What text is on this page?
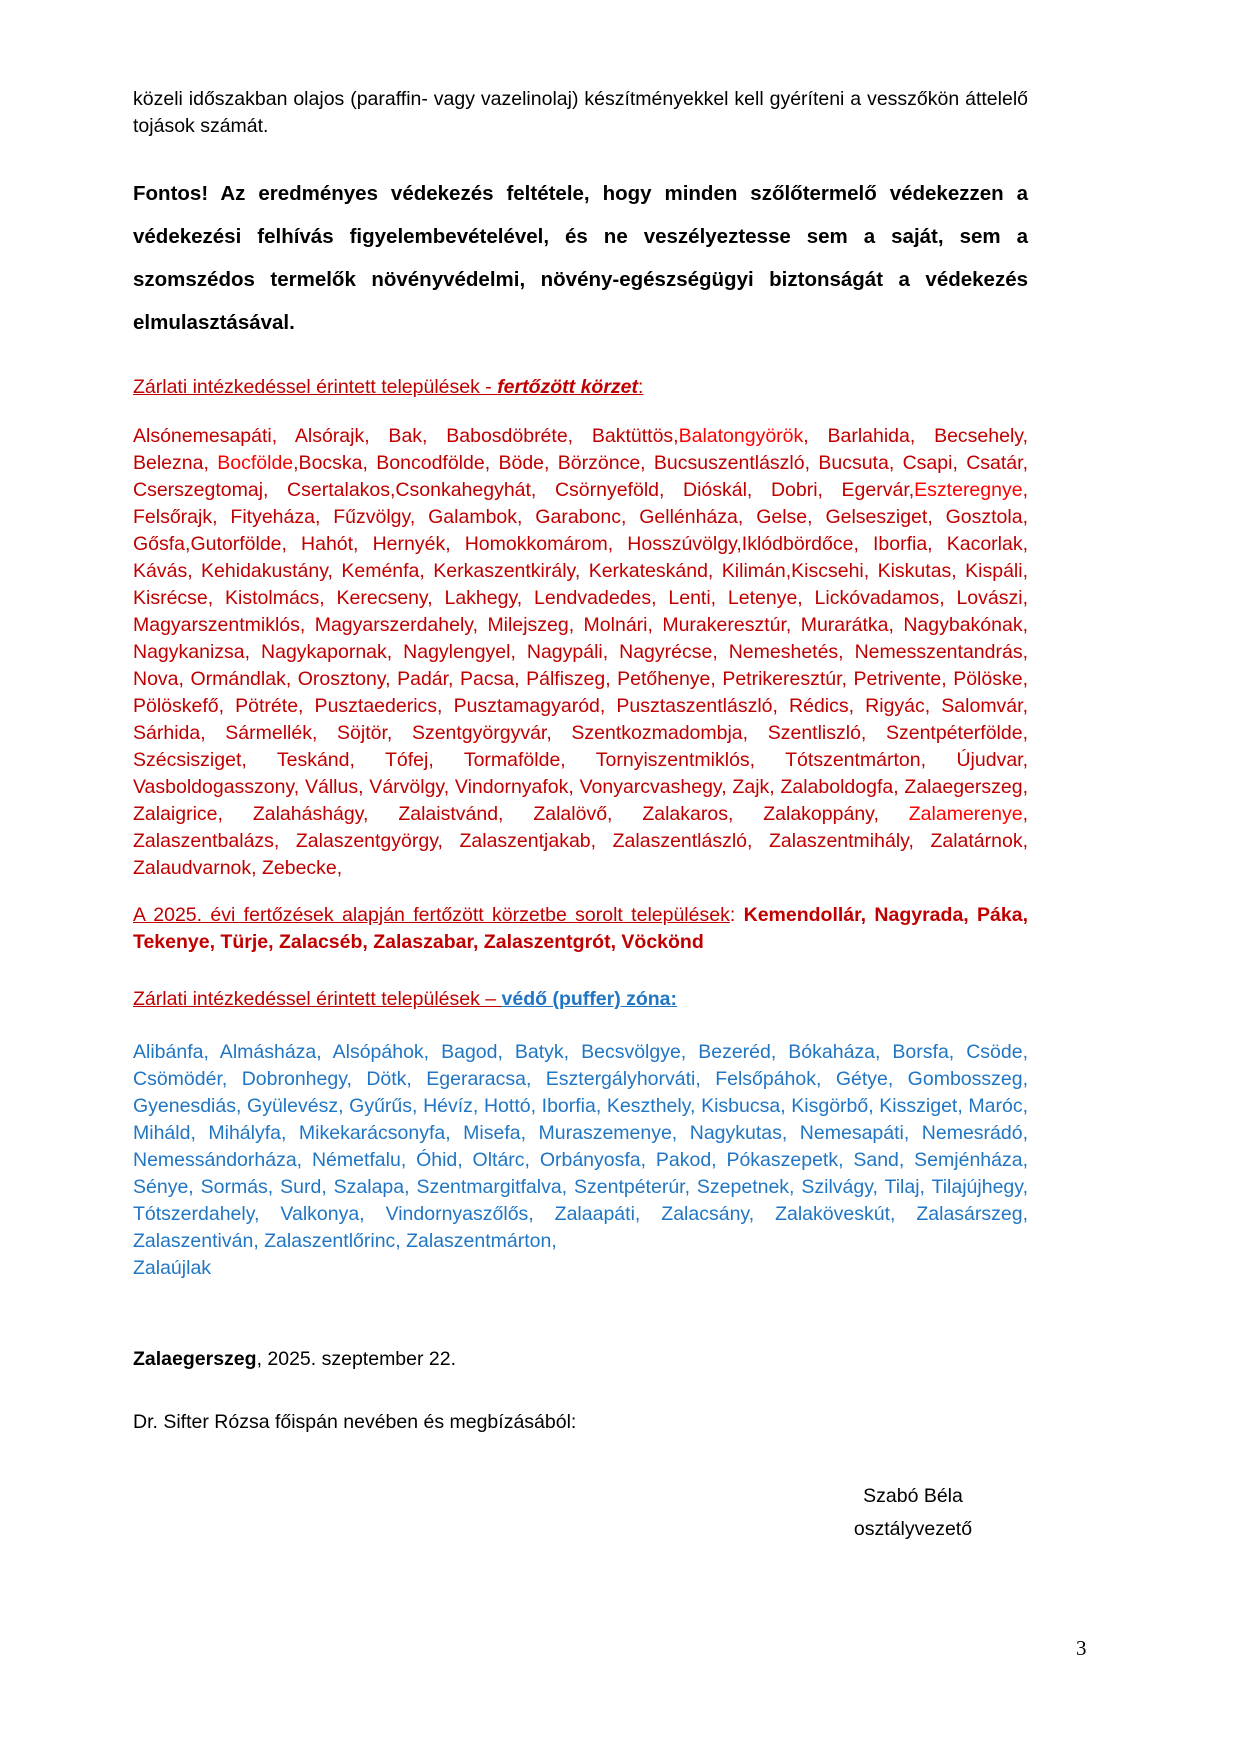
közeli időszakban olajos (paraffin- vagy vazelinolaj) készítményekkel kell gyéríteni a vesszőkön áttelelő tojások számát.
Fontos! Az eredményes védekezés feltétele, hogy minden szőlőtermelő védekezzen a védekezési felhívás figyelembevételével, és ne veszélyeztesse sem a saját, sem a szomszédos termelők növényvédelmi, növény-egészségügyi biztonságát a védekezés elmulasztásával.
Zárlati intézkedéssel érintett települések - fertőzött körzet:
Alsónemesapáti, Alsórajk, Bak, Babosdöbréte, Baktüttös,Balatongyörök, Barlahida, Becsehely, Belezna, Bocfölde,Bocska, Boncodfölde, Böde, Börzönce, Bucsuszentlászló, Bucsuta, Csapi, Csatár, Cserszegtomaj, Csertalakos,Csonkahegyhát, Csörnyeföld, Dióskál, Dobri, Egervár,Eszteregnye, Felsőrajk, Fityeháza, Fűzvölgy, Galambok, Garabonc, Gellénháza, Gelse, Gelsesziget, Gosztola, Gősfa,Gutorfölde, Hahót, Hernyék, Homokkomárom, Hosszúvölgy,Iklódbördőce, Iborfia, Kacorlak, Kávás, Kehidakustány, Keménfa, Kerkaszentkirály, Kerkateskánd, Kilimán,Kiscsehi, Kiskutas, Kispáli, Kisrécse, Kistolmács, Kerecseny, Lakhegy, Lendvadedes, Lenti, Letenye, Lickóvadamos, Lovászi, Magyarszentmiklós, Magyarszerdahely, Milejszeg, Molnári, Murakeresztúr, Murarátka, Nagybakónak, Nagykanizsa, Nagykapornak, Nagylengyel, Nagypáli, Nagyrécse, Nemeshetés, Nemesszentandrás, Nova, Ormándlak, Orosztony, Padár, Pacsa, Pálfiszeg, Petőhenye, Petrikeresztúr, Petrivente, Pölöske, Pölöskefő, Pötréte, Pusztaederics, Pusztamagyaród, Pusztaszentlászló, Rédics, Rigyác, Salomvár, Sárhida, Sármellék, Söjtör, Szentgyörgyvár, Szentkozmadombja, Szentliszló, Szentpéterfölde, Szécsisziget, Teskánd, Tófej, Tormafölde, Tornyiszentmiklós, Tótszentmárton, Újudvar, Vasboldogasszony, Vállus, Várvölgy, Vindornyafok, Vonyarcvashegy, Zajk, Zalaboldogfa, Zalaegerszeg, Zalaigrice, Zalaháshágy, Zalaistvánd, Zalalövő, Zalakaros, Zalakoppány, Zalamerenye, Zalaszentbalázs, Zalaszentgyörgy, Zalaszentjakab, Zalaszentlászló, Zalaszentmihály, Zalatárnok, Zalaudvarnok, Zebecke,
A 2025. évi fertőzések alapján fertőzött körzetbe sorolt települések: Kemendollár, Nagyrada, Páka, Tekenye, Türje, Zalacséb, Zalaszabar, Zalaszentgrót, Vöckönd
Zárlati intézkedéssel érintett települések – védő (puffer) zóna:
Alibánfa, Almásháza, Alsópáhok, Bagod, Batyk, Becsvölgye, Bezeréd, Bókaháza, Borsfa, Csöde, Csömödér, Dobronhegy, Dötk, Egeraracsa, Esztergályhorváti, Felsőpáhok, Gétye, Gombosszeg, Gyenesdiás, Gyülevész, Gyűrűs, Hévíz, Hottó, Iborfia, Keszthely, Kisbucsa, Kisgörbő, Kissziget, Maróc, Miháld, Mihályfa, Mikekarácsonyfa, Misefa, Muraszemenye, Nagykutas, Nemesapáti, Nemesrádó, Nemessándorháza, Németfalu, Óhid, Oltárc, Orbányosfa, Pakod, Pókaszepetk, Sand, Semjénháza, Sénye, Sormás, Surd, Szalapa, Szentmargitfalva, Szentpéterúr, Szepetnek, Szilvágy, Tilaj, Tilajújhegy, Tótszerdahely, Valkonya, Vindornyaszőlős, Zalaapáti, Zalacsány, Zalaköveskút, Zalasárszeg, Zalaszentiván, Zalaszentlőrinc, Zalaszentmárton,
Zalaújlak
Zalaegerszeg, 2025. szeptember 22.
Dr. Sifter Rózsa főispán nevében és megbízásából:
Szabó Béla
osztályvezető
3
